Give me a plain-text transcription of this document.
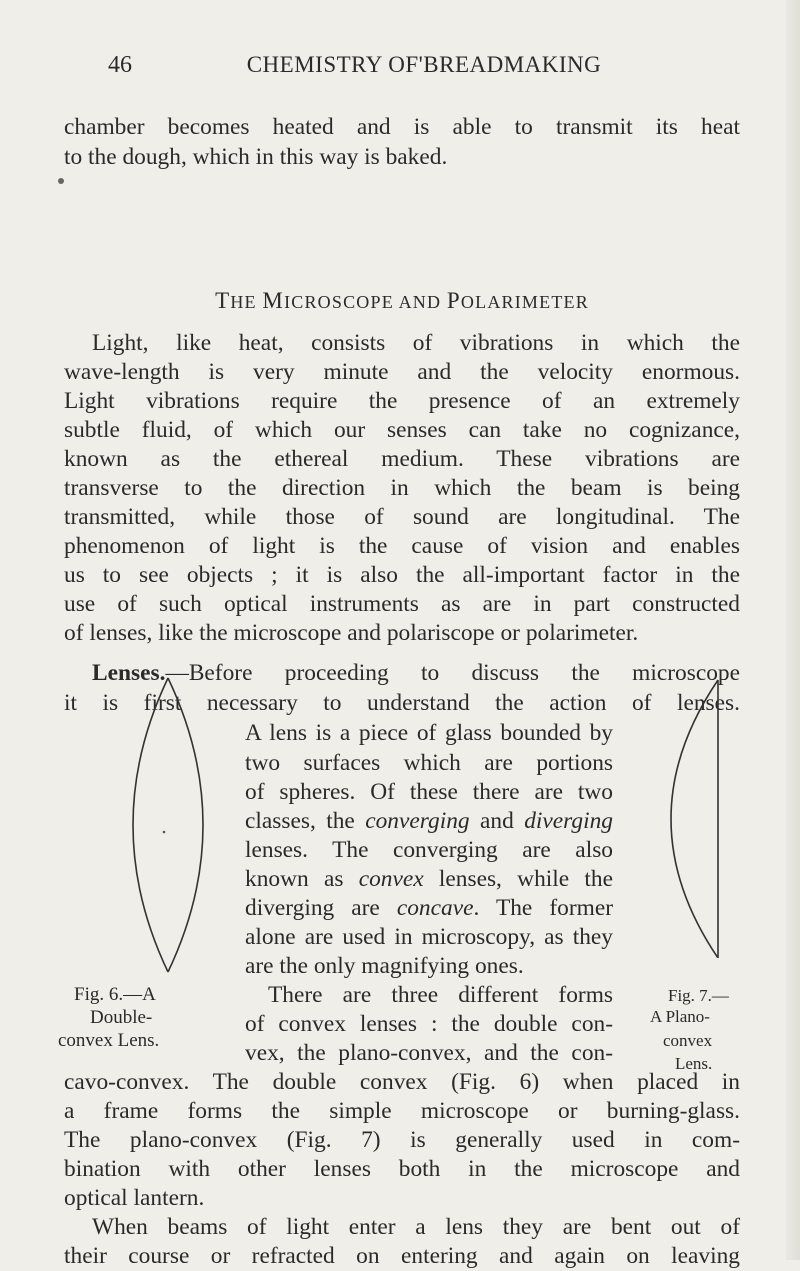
46	CHEMISTRY OF'BREADMAKING
chamber becomes heated and is able to transmit its heat
to the dough, which in this way is baked.
THE MICROSCOPE AND POLARIMETER
Light, like heat, consists of vibrations in which the
wave-length is very minute and the velocity enormous.
Light vibrations require the presence of an extremely
subtle fluid, of which our senses can take no cognizance,
known as the ethereal medium. These vibrations are
transverse to the direction in which the beam is being
transmitted, while those of sound are longitudinal. The
phenomenon of light is the cause of vision and enables
us to see objects ; it is also the all-important factor in the
use of such optical instruments as are in part constructed
of lenses, like the microscope and polariscope or polarimeter.
Lenses.—Before proceeding to discuss the microscope
it is first necessary to understand the action of lenses.
A lens is a piece of glass bounded by
two surfaces which are portions
of spheres. Of these there are two
classes, the converging and diverging
lenses. The converging are also
known as convex lenses, while the
diverging are concave. The former
alone are used in microscopy, as they
are the only magnifying ones.
There are three different forms
of convex lenses : the double con-
vex, the plano-convex, and the con-
Fig. 6.—A
Double-
convex Lens.
Fig. 7.—
A Plano-
convex
Lens.
cavo-convex. The double convex (Fig. 6) when placed in
a frame forms the simple microscope or burning-glass.
The plano-convex (Fig. 7) is generally used in com-
bination with other lenses both in the microscope and
optical lantern.
When beams of light enter a lens they are bent out of
their course or refracted on entering and again on leaving
